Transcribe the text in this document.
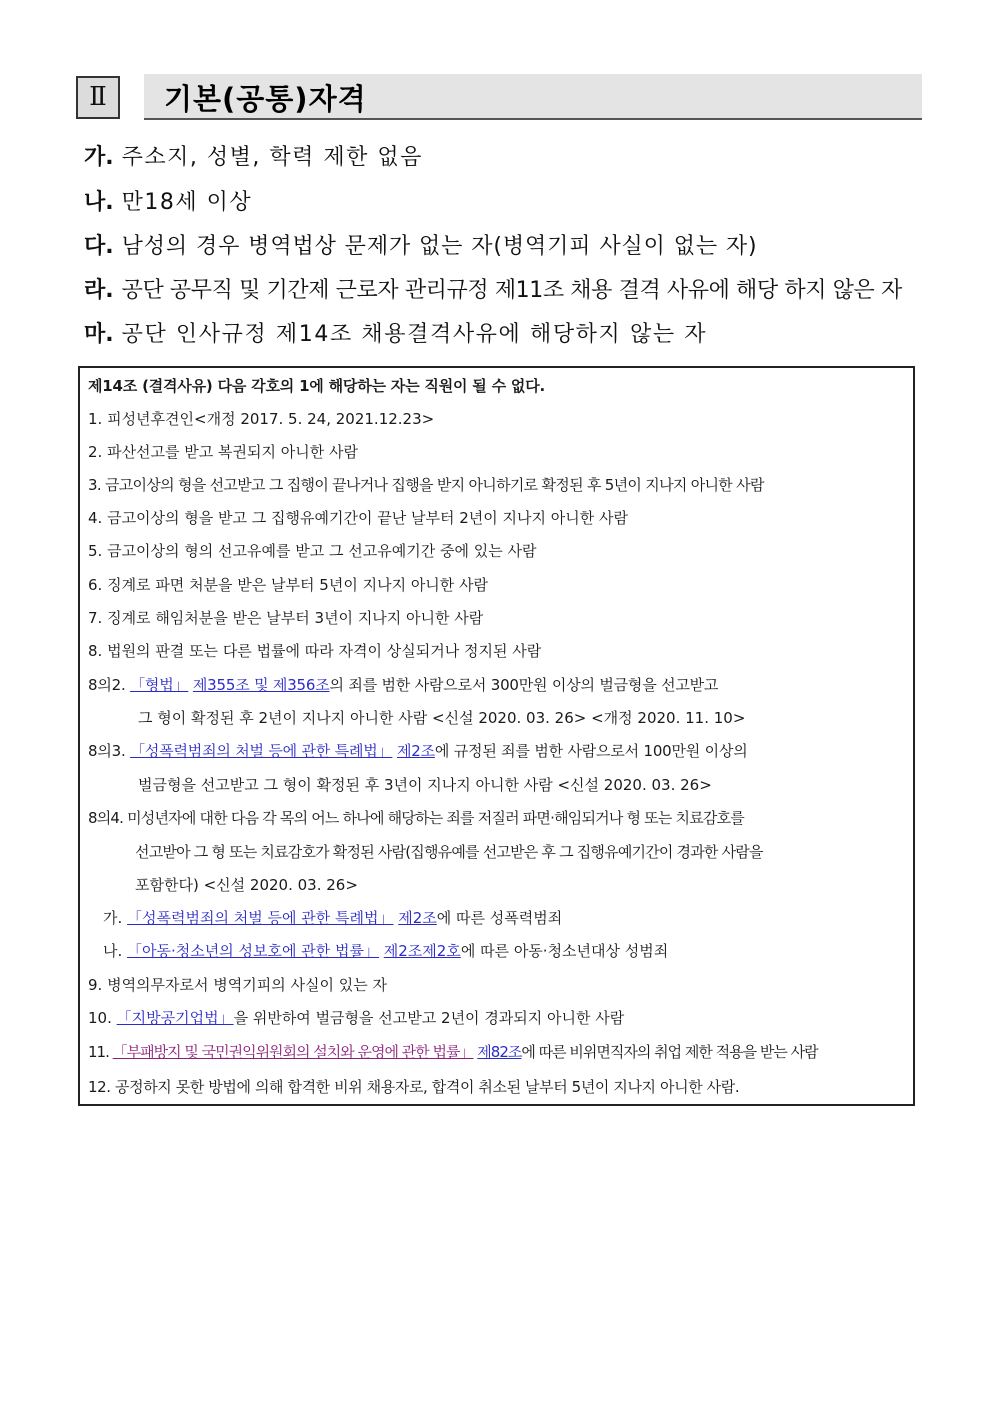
Ⅱ	기본(공통)자격
가. 주소지, 성별, 학력 제한 없음
나. 만18세 이상
다. 남성의 경우 병역법상 문제가 없는 자(병역기피 사실이 없는 자)
라. 공단 공무직 및 기간제 근로자 관리규정 제11조 채용 결격 사유에 해당 하지 않은 자
마. 공단 인사규정 제14조 채용결격사유에 해당하지 않는 자
제14조 (결격사유) 다음 각호의 1에 해당하는 자는 직원이 될 수 없다.
1. 피성년후견인<개정 2017. 5. 24, 2021.12.23>
2. 파산선고를 받고 복권되지 아니한 사람
3. 금고이상의 형을 선고받고 그 집행이 끝나거나 집행을 받지 아니하기로 확정된 후 5년이 지나지 아니한 사람
4. 금고이상의 형을 받고 그 집행유예기간이 끝난 날부터 2년이 지나지 아니한 사람
5. 금고이상의 형의 선고유예를 받고 그 선고유예기간 중에 있는 사람
6. 징계로 파면 처분을 받은 날부터 5년이 지나지 아니한 사람
7. 징계로 해임처분을 받은 날부터 3년이 지나지 아니한 사람
8. 법원의 판결 또는 다른 법률에 따라 자격이 상실되거나 정지된 사람
8의2. 「형법」 제355조 및 제356조의 죄를 범한 사람으로서 300만원 이상의 벌금형을 선고받고
그 형이 확정된 후 2년이 지나지 아니한 사람 <신설 2020. 03. 26> <개정 2020. 11. 10>
8의3. 「성폭력범죄의 처벌 등에 관한 특례법」 제2조에 규정된 죄를 범한 사람으로서 100만원 이상의
벌금형을 선고받고 그 형이 확정된 후 3년이 지나지 아니한 사람 <신설 2020. 03. 26>
8의4. 미성년자에 대한 다음 각 목의 어느 하나에 해당하는 죄를 저질러 파면·해임되거나 형 또는 치료감호를
선고받아 그 형 또는 치료감호가 확정된 사람(집행유예를 선고받은 후 그 집행유예기간이 경과한 사람을
포함한다) <신설 2020. 03. 26>
가. 「성폭력범죄의 처벌 등에 관한 특례법」 제2조에 따른 성폭력범죄
나. 「아동·청소년의 성보호에 관한 법률」 제2조제2호에 따른 아동·청소년대상 성범죄
9. 병역의무자로서 병역기피의 사실이 있는 자
10. 「지방공기업법」을 위반하여 벌금형을 선고받고 2년이 경과되지 아니한 사람
11. 「부패방지 및 국민권익위원회의 설치와 운영에 관한 법률」 제82조에 따른 비위면직자의 취업 제한 적용을 받는 사람
12. 공정하지 못한 방법에 의해 합격한 비위 채용자로, 합격이 취소된 날부터 5년이 지나지 아니한 사람.
